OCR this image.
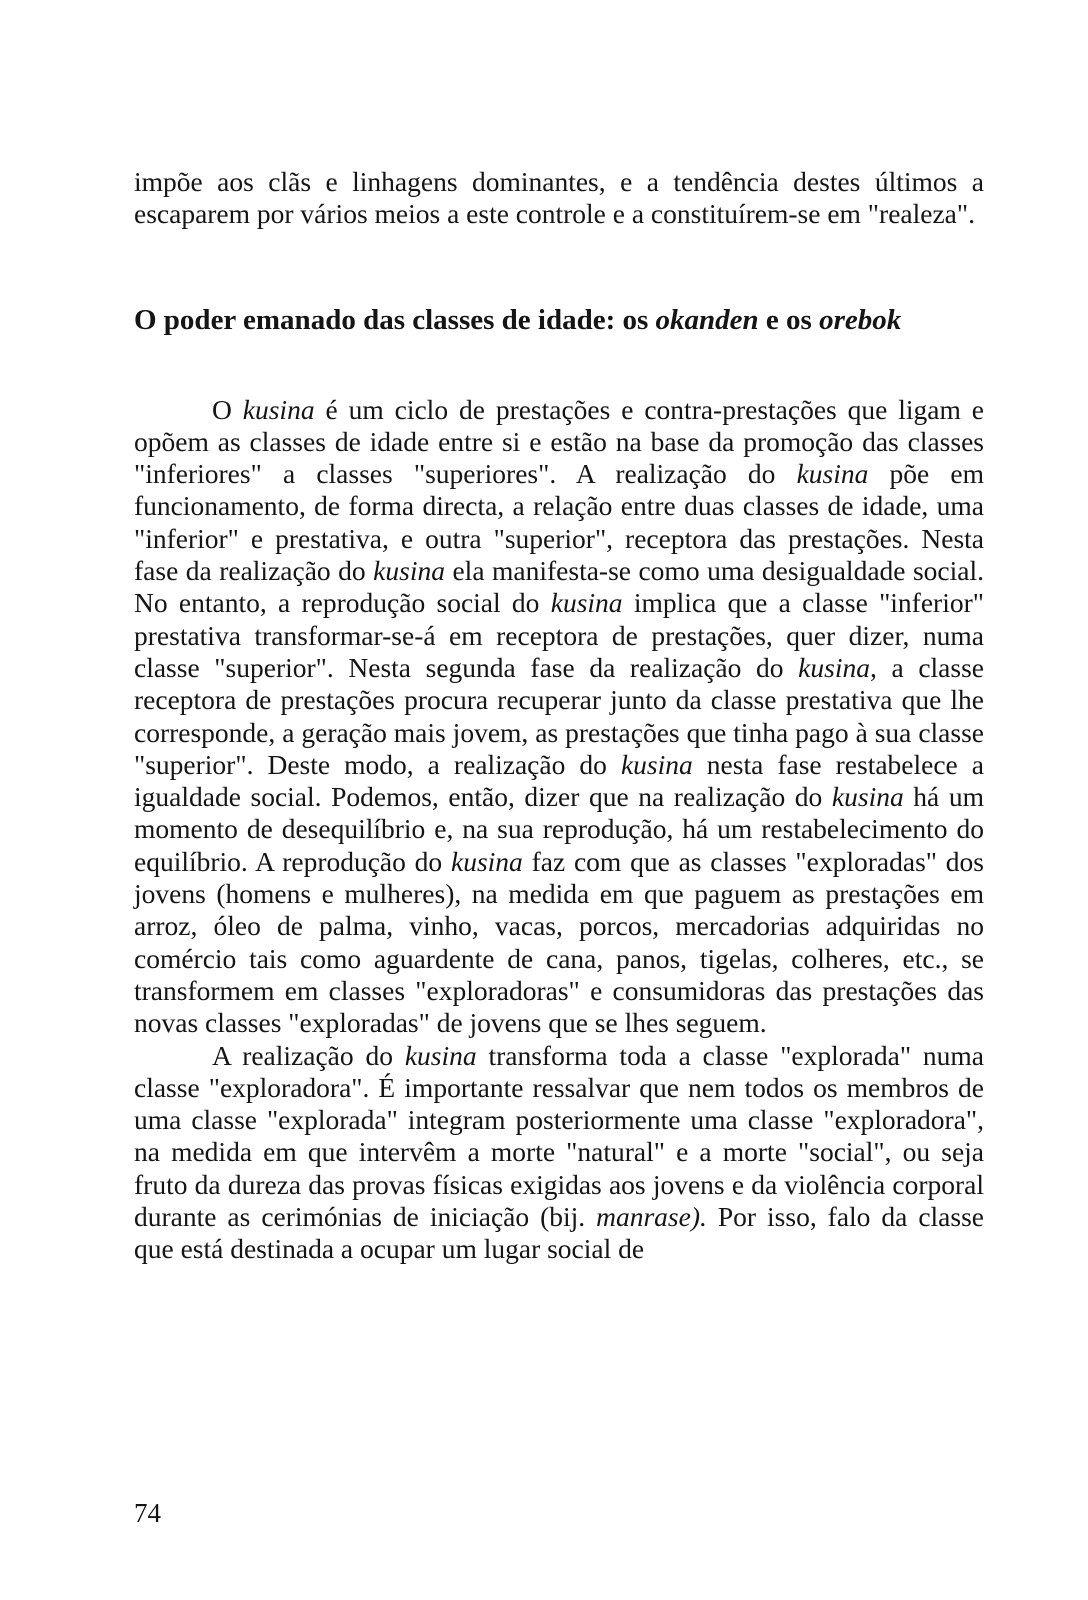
impõe aos clãs e linhagens dominantes, e a tendência destes últimos a escaparem por vários meios a este controle e a constituírem-se em "realeza".

O poder emanado das classes de idade: os okanden e os orebok

O kusina é um ciclo de prestações e contra-prestações que ligam e opõem as classes de idade entre si e estão na base da promoção das classes "inferiores" a classes "superiores". A realização do kusina põe em funcionamento, de forma directa, a relação entre duas classes de idade, uma "inferior" e prestativa, e outra "superior", receptora das prestações. Nesta fase da realização do kusina ela manifesta-se como uma desigualdade social. No entanto, a reprodução social do kusina implica que a classe "inferior" prestativa transformar-se-á em receptora de prestações, quer dizer, numa classe "superior". Nesta segunda fase da realização do kusina, a classe receptora de prestações procura recuperar junto da classe prestativa que lhe corresponde, a geração mais jovem, as prestações que tinha pago à sua classe "superior". Deste modo, a realização do kusina nesta fase restabelece a igualdade social. Podemos, então, dizer que na realização do kusina há um momento de desequilíbrio e, na sua reprodução, há um restabelecimento do equilíbrio. A reprodução do kusina faz com que as classes "exploradas" dos jovens (homens e mulheres), na medida em que paguem as prestações em arroz, óleo de palma, vinho, vacas, porcos, mercadorias adquiridas no comércio tais como aguardente de cana, panos, tigelas, colheres, etc., se transformem em classes "exploradoras" e consumidoras das prestações das novas classes "exploradas" de jovens que se lhes seguem.

A realização do kusina transforma toda a classe "explorada" numa classe "exploradora". É importante ressalvar que nem todos os membros de uma classe "explorada" integram posteriormente uma classe "exploradora", na medida em que intervêm a morte "natural" e a morte "social", ou seja fruto da dureza das provas físicas exigidas aos jovens e da violência corporal durante as cerimónias de iniciação (bij. manrase). Por isso, falo da classe que está destinada a ocupar um lugar social de

74
